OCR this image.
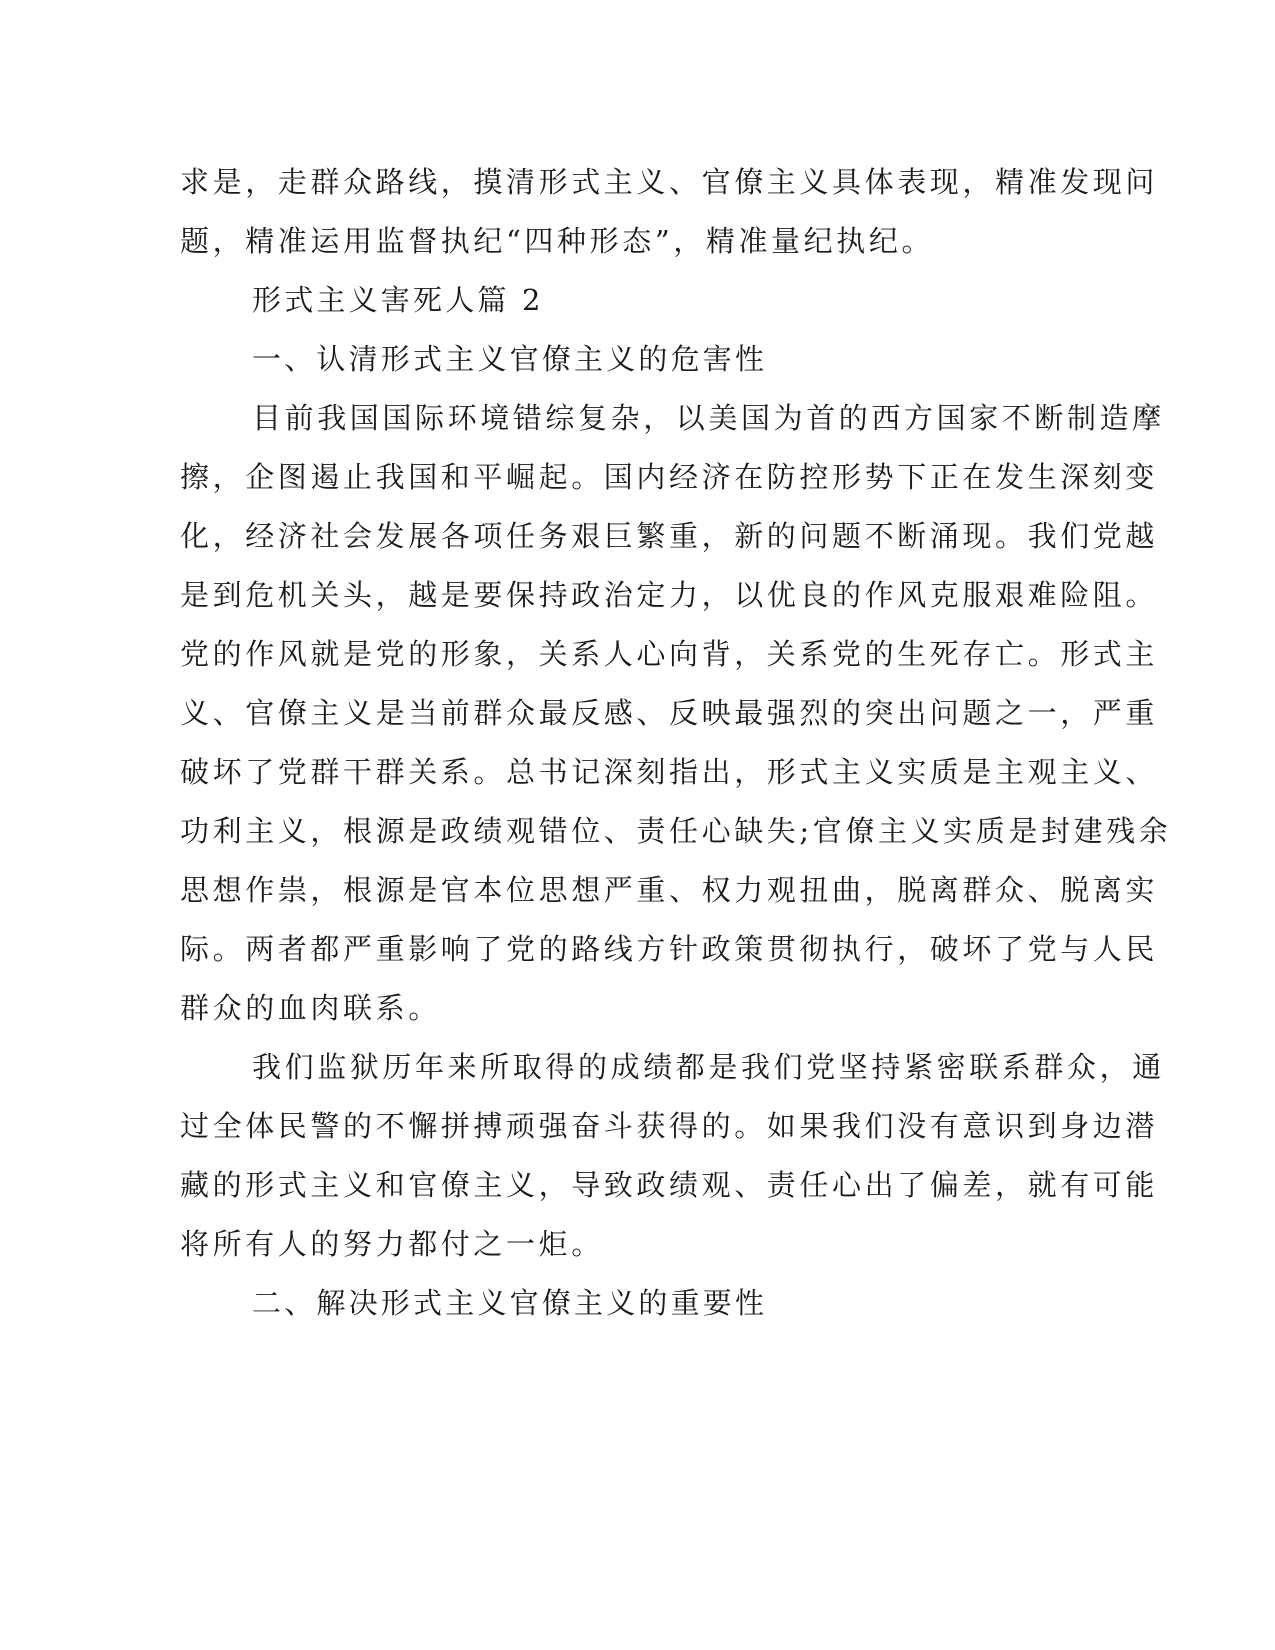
求是，走群众路线，摸清形式主义、官僚主义具体表现，精准发现问
题，精准运用监督执纪“四种形态”，精准量纪执纪。
形式主义害死人篇 2
一、认清形式主义官僚主义的危害性
目前我国国际环境错综复杂，以美国为首的西方国家不断制造摩
擦，企图遏止我国和平崛起。国内经济在防控形势下正在发生深刻变
化，经济社会发展各项任务艰巨繁重，新的问题不断涌现。我们党越
是到危机关头，越是要保持政治定力，以优良的作风克服艰难险阻。
党的作风就是党的形象，关系人心向背，关系党的生死存亡。形式主
义、官僚主义是当前群众最反感、反映最强烈的突出问题之一，严重
破坏了党群干群关系。总书记深刻指出，形式主义实质是主观主义、
功利主义，根源是政绩观错位、责任心缺失;官僚主义实质是封建残余
思想作祟，根源是官本位思想严重、权力观扭曲，脱离群众、脱离实
际。两者都严重影响了党的路线方针政策贯彻执行，破坏了党与人民
群众的血肉联系。
我们监狱历年来所取得的成绩都是我们党坚持紧密联系群众，通
过全体民警的不懈拼搏顽强奋斗获得的。如果我们没有意识到身边潜
藏的形式主义和官僚主义，导致政绩观、责任心出了偏差，就有可能
将所有人的努力都付之一炬。
二、解决形式主义官僚主义的重要性
